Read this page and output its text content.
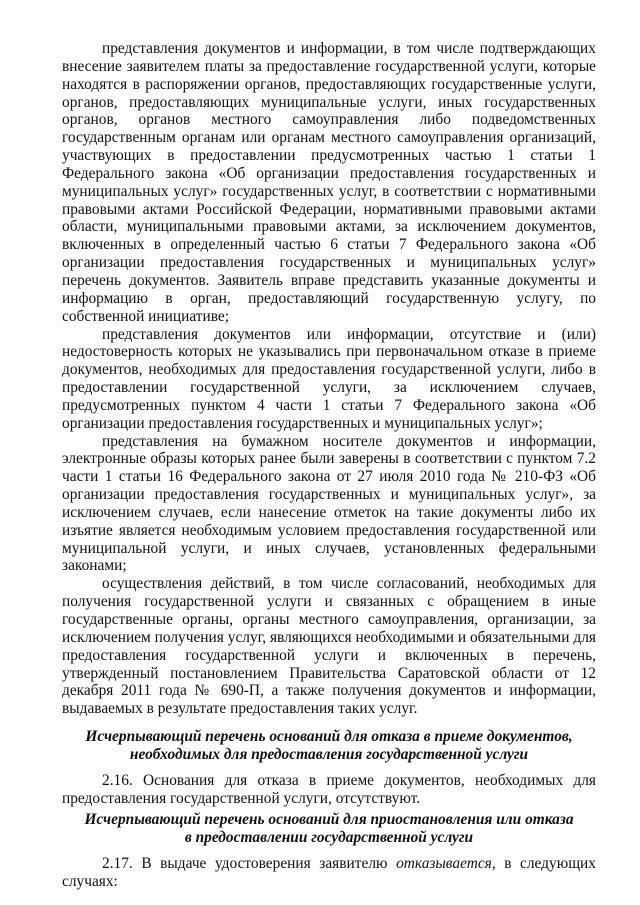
представления документов и информации, в том числе подтверждающих внесение заявителем платы за предоставление государственной услуги, которые находятся в распоряжении органов, предоставляющих государственные услуги, органов, предоставляющих муниципальные услуги, иных государственных органов, органов местного самоуправления либо подведомственных государственным органам или органам местного самоуправления организаций, участвующих в предоставлении предусмотренных частью 1 статьи 1 Федерального закона «Об организации предоставления государственных и муниципальных услуг» государственных услуг, в соответствии с нормативными правовыми актами Российской Федерации, нормативными правовыми актами области, муниципальными правовыми актами, за исключением документов, включенных в определенный частью 6 статьи 7 Федерального закона «Об организации предоставления государственных и муниципальных услуг» перечень документов. Заявитель вправе представить указанные документы и информацию в орган, предоставляющий государственную услугу, по собственной инициативе;

представления документов или информации, отсутствие и (или) недостоверность которых не указывались при первоначальном отказе в приеме документов, необходимых для предоставления государственной услуги, либо в предоставлении государственной услуги, за исключением случаев, предусмотренных пунктом 4 части 1 статьи 7 Федерального закона «Об организации предоставления государственных и муниципальных услуг»;

представления на бумажном носителе документов и информации, электронные образы которых ранее были заверены в соответствии с пунктом 7.2 части 1 статьи 16 Федерального закона от 27 июля 2010 года № 210-ФЗ «Об организации предоставления государственных и муниципальных услуг», за исключением случаев, если нанесение отметок на такие документы либо их изъятие является необходимым условием предоставления государственной или муниципальной услуги, и иных случаев, установленных федеральными законами;

осуществления действий, в том числе согласований, необходимых для получения государственной услуги и связанных с обращением в иные государственные органы, органы местного самоуправления, организации, за исключением получения услуг, являющихся необходимыми и обязательными для предоставления государственной услуги и включенных в перечень, утвержденный постановлением Правительства Саратовской области от 12 декабря 2011 года № 690-П, а также получения документов и информации, выдаваемых в результате предоставления таких услуг.

Исчерпывающий перечень оснований для отказа в приеме документов,
необходимых для предоставления государственной услуги

2.16. Основания для отказа в приеме документов, необходимых для предоставления государственной услуги, отсутствуют.

Исчерпывающий перечень оснований для приостановления или отказа
в предоставлении государственной услуги

2.17. В выдаче удостоверения заявителю отказывается, в следующих случаях:
